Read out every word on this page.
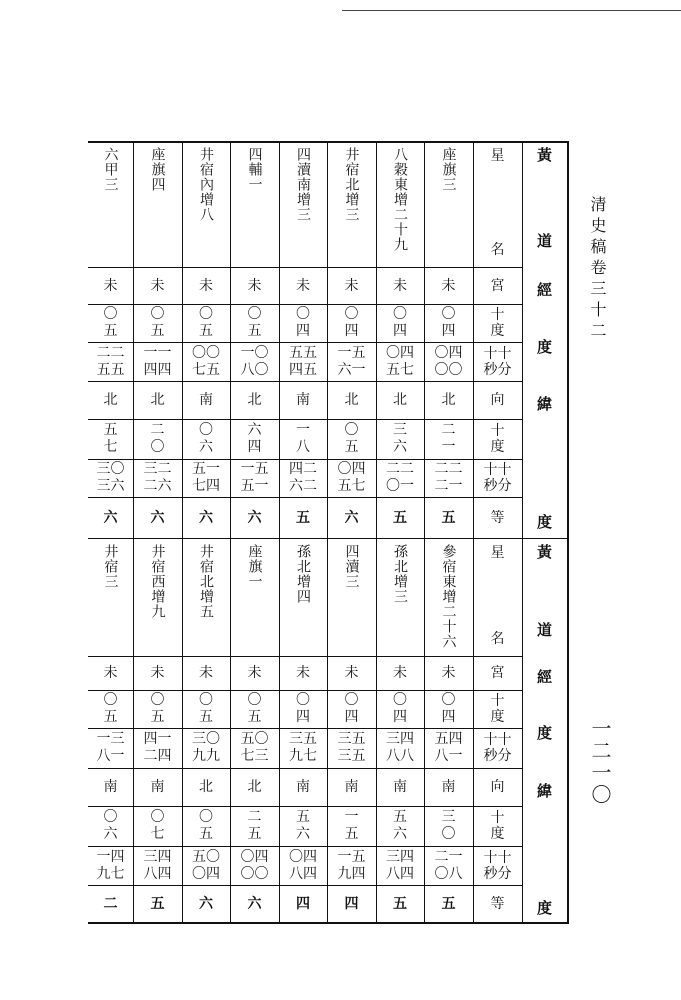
清史稿卷三十二
一二一〇
黃
道
經
度
緯
度
黃
道
經
度
緯
度
星
名
宮
十度
十十秒分
向
十度
十十秒分
等
星
名
宮
十度
十十秒分
向
十度
十十秒分
等
六甲三
未
〇
五
二二
五五
北
五
七
三〇
三六
六
座旗四
未
〇
五
一一
四四
北
二
〇
三二
二六
六
井宿內增八
未
〇
五
〇〇
七五
南
〇
六
五一
七四
六
四輔一
未
〇
五
一〇
八〇
北
六
四
一五
五一
六
四瀆南增三
未
〇
四
五五
四五
南
一
八
四二
六二
五
井宿北增三
未
〇
四
一五
六一
北
〇
五
〇四
五七
六
八穀東增二十九
未
〇
四
〇四
五七
北
三
六
二二
〇一
五
座旗三
未
〇
四
〇四
〇〇
北
二
一
二二
二一
五
井宿三
未
〇
五
一三
八一
南
〇
六
一四
九七
二
井宿西增九
未
〇
五
四一
二四
南
〇
七
三四
八四
五
井宿北增五
未
〇
五
三〇
九九
北
〇
五
五〇
〇四
六
座旗一
未
〇
五
五〇
七三
北
二
五
〇四
〇〇
六
孫北增四
未
〇
四
三五
九七
南
五
六
〇四
八四
四
四瀆三
未
〇
四
三五
三五
南
一
五
一五
九四
四
孫北增三
未
〇
四
三四
八八
南
五
六
三四
八四
五
參宿東增二十六
未
〇
四
五四
八一
南
三
〇
二一
〇八
五
